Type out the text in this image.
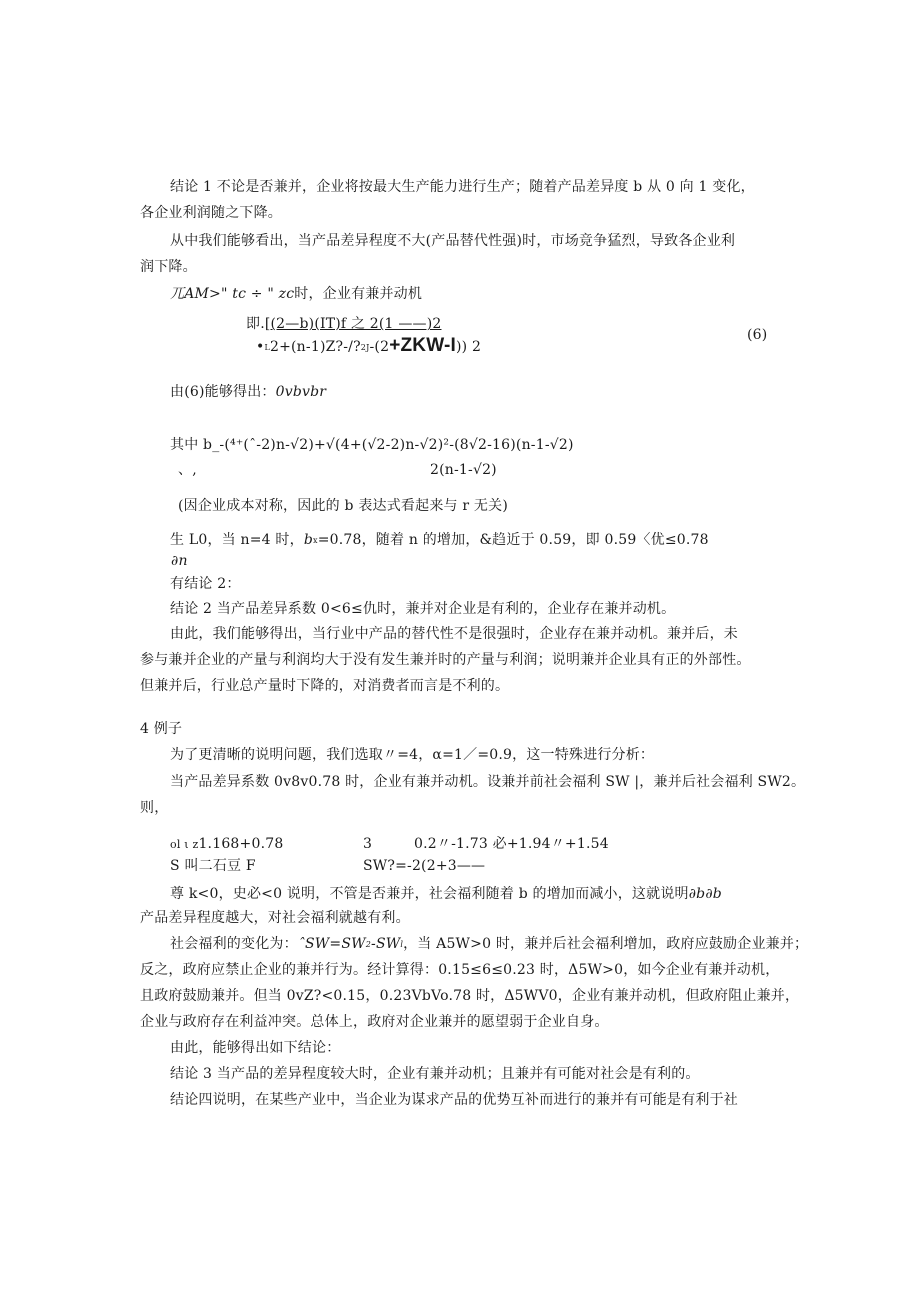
结论 1 不论是否兼并，企业将按最大生产能力进行生产；随着产品差异度 b 从 0 向 1 变化，
各企业利润随之下降。
从中我们能够看出，当产品差异程度不大(产品替代性强)时，市场竞争猛烈，导致各企业利
润下降。
兀AM>" tc ÷ " zc时，企业有兼并动机
即.[(2—b)(IT)f 之 2(1 ——)2
•L2+(n-1)Z?-/?2J-(2+ZKW-I)) 2
(6)
由(6)能够得出：0vbvbr
其中 b_-(⁴⁺(ˆ-2)n-√2)+√(4+(√2-2)n-√2)²-(8√2-16)(n-1-√2)
、,	2(n-1-√2)
(因企业成本对称，因此的 b 表达式看起来与 r 无关)
生 L0，当 n=4 时，bx=0.78，随着 n 的增加，&趋近于 0.59，即 0.59〈优≤0.78
∂n
有结论 2：
结论 2 当产品差异系数 0<6≤仇时，兼并对企业是有利的，企业存在兼并动机。
由此，我们能够得出，当行业中产品的替代性不是很强时，企业存在兼并动机。兼并后，未
参与兼并企业的产量与利润均大于没有发生兼并时的产量与利润；说明兼并企业具有正的外部性。
但兼并后，行业总产量时下降的，对消费者而言是不利的。
4 例子
为了更清晰的说明问题，我们选取〃=4，α=1／=0.9，这一特殊进行分析：
当产品差异系数 0v8v0.78 时，企业有兼并动机。设兼并前社会福利 SW |，兼并后社会福利 SW2。
则，
ol ι z1.168+0.78	3	0.2〃-1.73 必+1.94〃+1.54
S 叫二石豆 F	SW?=-2(2+3——
尊 k<0，史必<0 说明，不管是否兼并，社会福利随着 b 的增加而减小，这就说明∂b∂b
产品差异程度越大，对社会福利就越有利。
社会福利的变化为：ˆSW=SW2-SWl，当 A5W>0 时，兼并后社会福利增加，政府应鼓励企业兼并；
反之，政府应禁止企业的兼并行为。经计算得：0.15≤6≤0.23 时，Δ5W>0，如今企业有兼并动机，
且政府鼓励兼并。但当 0vZ?<0.15，0.23VbVo.78 时，Δ5WV0，企业有兼并动机，但政府阻止兼并，
企业与政府存在利益冲突。总体上，政府对企业兼并的愿望弱于企业自身。
由此，能够得出如下结论：
结论 3 当产品的差异程度较大时，企业有兼并动机；且兼并有可能对社会是有利的。
结论四说明，在某些产业中，当企业为谋求产品的优势互补而进行的兼并有可能是有利于社
